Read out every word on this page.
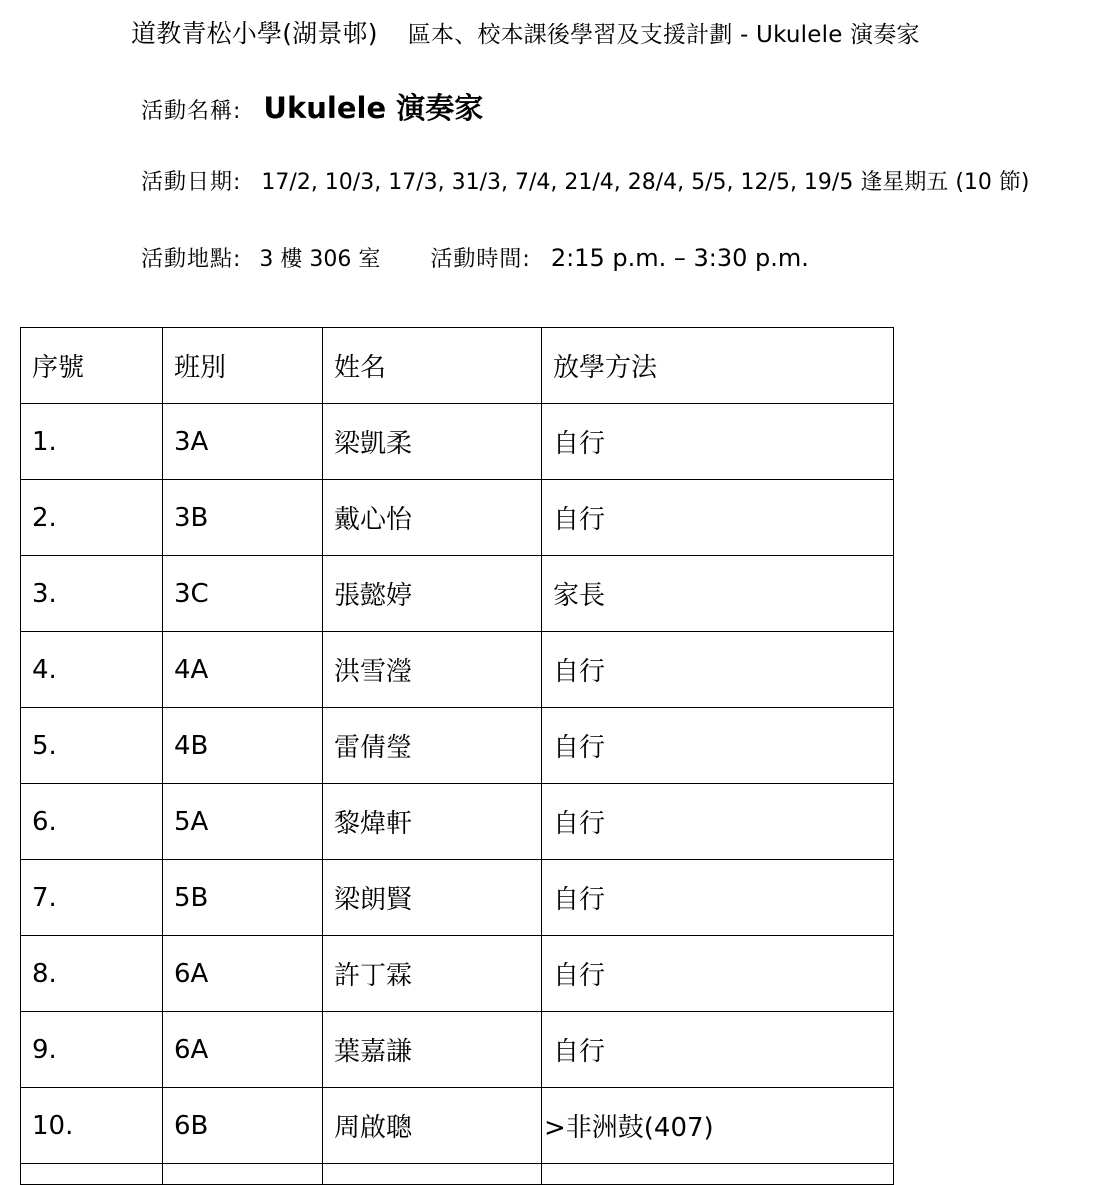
道教青松小學(湖景邨) 區本、校本課後學習及支援計劃 - Ukulele 演奏家
活動名稱: Ukulele 演奏家
活動日期: 17/2, 10/3, 17/3, 31/3, 7/4, 21/4, 28/4, 5/5, 12/5, 19/5 逢星期五 (10 節)
活動地點: 3 樓 306 室 活動時間: 2:15 p.m. – 3:30 p.m.
序號	班別	姓名	放學方法
1.	3A	梁凱柔	自行
2.	3B	戴心怡	自行
3.	3C	張懿婷	家長
4.	4A	洪雪瀅	自行
5.	4B	雷倩瑩	自行
6.	5A	黎煒軒	自行
7.	5B	梁朗賢	自行
8.	6A	許丁霖	自行
9.	6A	葉嘉謙	自行
10.	6B	周啟聰	>非洲鼓(407)
